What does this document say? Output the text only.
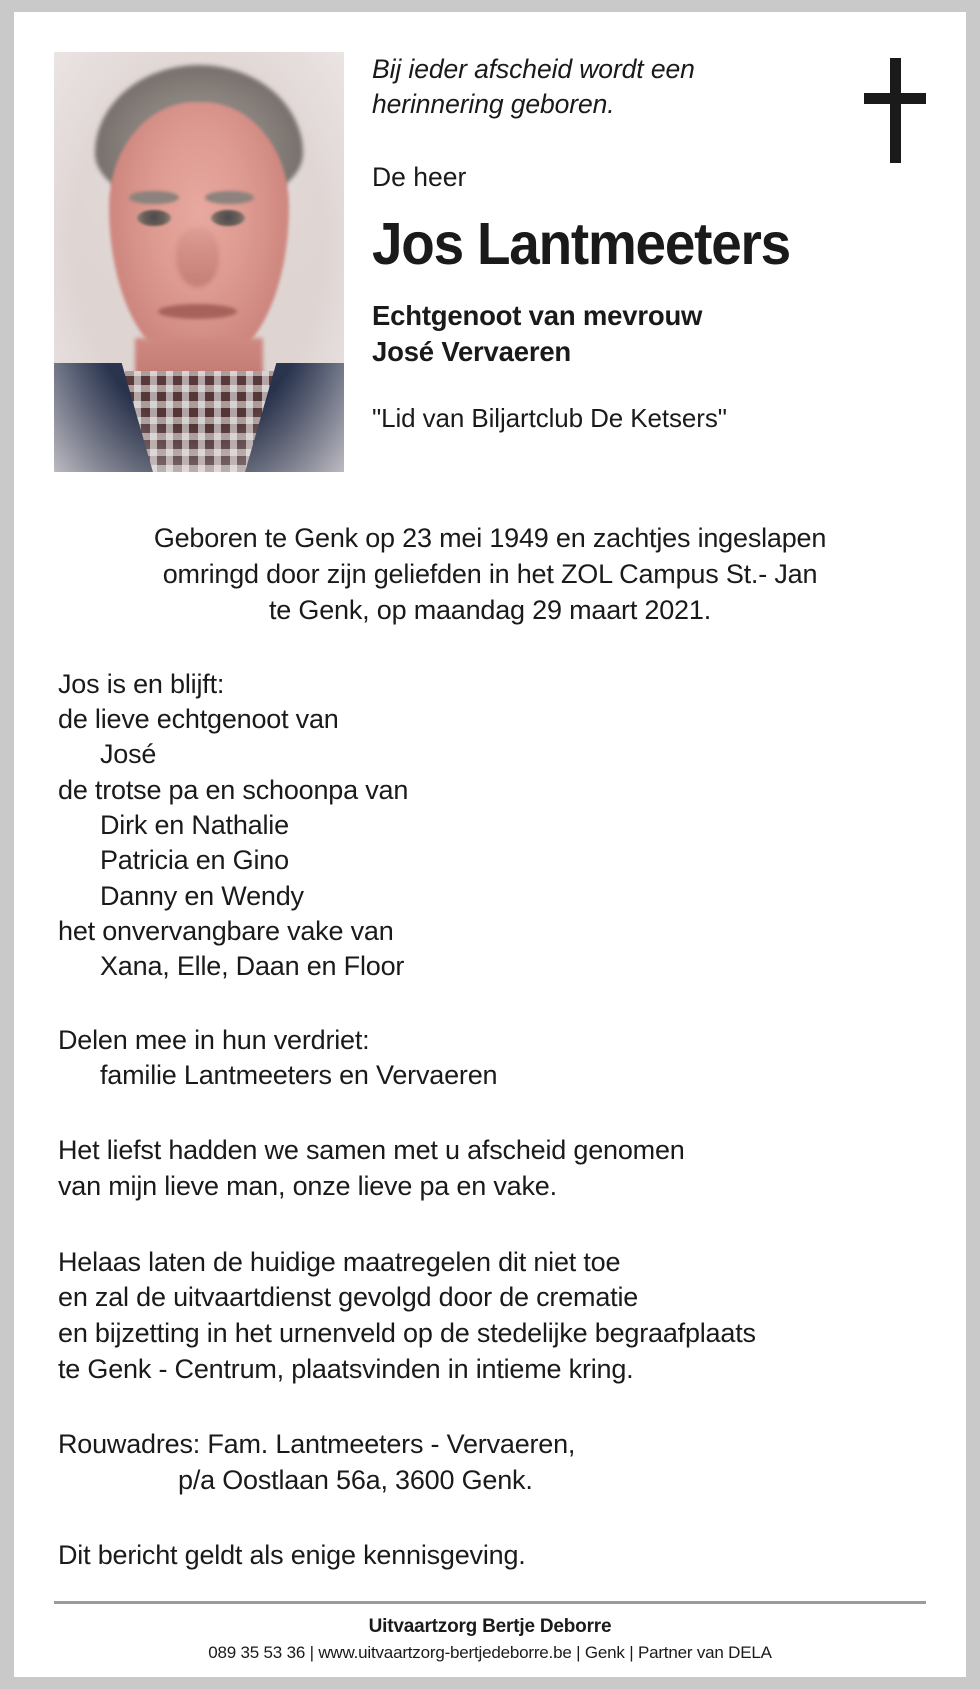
Bij ieder afscheid wordt een herinnering geboren.
De heer
Jos Lantmeeters
Echtgenoot van mevrouw
José Vervaeren
"Lid van Biljartclub De Ketsers"
Geboren te Genk op 23 mei 1949 en zachtjes ingeslapen
omringd door zijn geliefden in het ZOL Campus St.- Jan
te Genk, op maandag 29 maart 2021.
Jos is en blijft:
de lieve echtgenoot van
José
de trotse pa en schoonpa van
Dirk en Nathalie
Patricia en Gino
Danny en Wendy
het onvervangbare vake van
Xana, Elle, Daan en Floor
Delen mee in hun verdriet:
familie Lantmeeters en Vervaeren
Het liefst hadden we samen met u afscheid genomen
van mijn lieve man, onze lieve pa en vake.
Helaas laten de huidige maatregelen dit niet toe
en zal de uitvaartdienst gevolgd door de crematie
en bijzetting in het urnenveld op de stedelijke begraafplaats
te Genk - Centrum, plaatsvinden in intieme kring.
Rouwadres: Fam. Lantmeeters - Vervaeren,
p/a Oostlaan 56a, 3600 Genk.
Dit bericht geldt als enige kennisgeving.
Uitvaartzorg Bertje Deborre
089 35 53 36 | www.uitvaartzorg-bertjedeborre.be | Genk | Partner van DELA
